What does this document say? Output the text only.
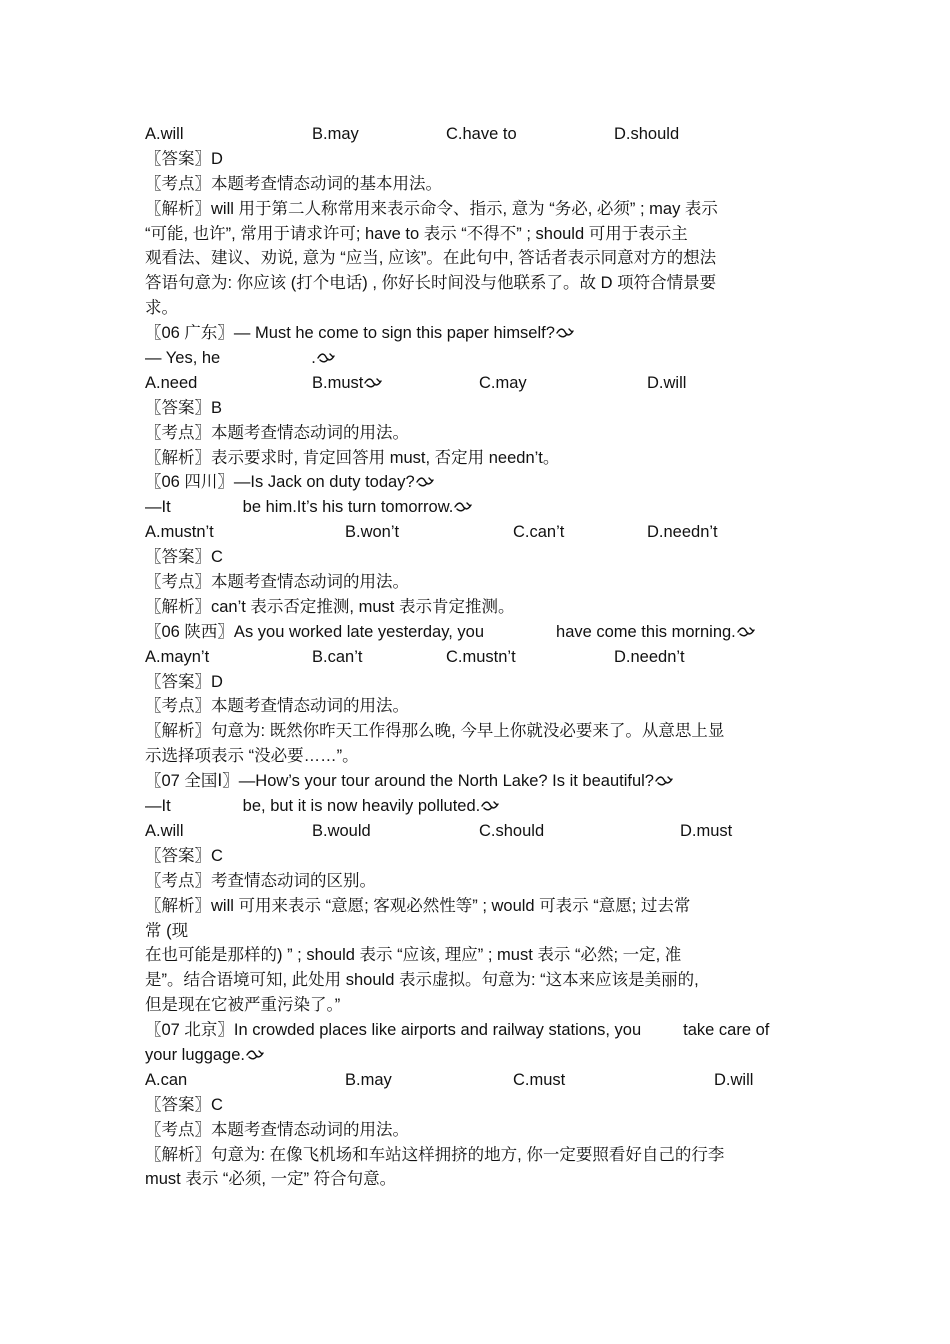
A.will	B.may	C.have to	D.should
〖答案〗D
〖考点〗本题考查情态动词的基本用法。
〖解析〗will 用于第二人称常用来表示命令、指示, 意为 “务必, 必须” ; may 表示
“可能, 也许”, 常用于请求许可; have to 表示 “不得不” ; should 可用于表示主
观看法、建议、劝说, 意为 “应当, 应该”。在此句中, 答话者表示同意对方的想法
答语句意为: 你应该 (打个电话) , 你好长时间没与他联系了。故 D 项符合情景要
求。
〖06 广东〗— Must he come to sign this paper himself?
— Yes, he	.
A.need	B.must	C.may	D.will
〖答案〗B
〖考点〗本题考查情态动词的用法。
〖解析〗表示要求时, 肯定回答用 must, 否定用 needn’t。
〖06 四川〗—Is Jack on duty today?
—It	be him.It’s his turn tomorrow.
A.mustn’t	B.won’t	C.can’t	D.needn’t
〖答案〗C
〖考点〗本题考查情态动词的用法。
〖解析〗can’t 表示否定推测, must 表示肯定推测。
〖06 陕西〗As you worked late yesterday, you	have come this morning.
A.mayn’t	B.can’t	C.mustn’t	D.needn’t
〖答案〗D
〖考点〗本题考查情态动词的用法。
〖解析〗句意为: 既然你昨天工作得那么晚, 今早上你就没必要来了。从意思上显
示选择项表示 “没必要……”。
〖07 全国Ⅰ〗—How’s your tour around the North Lake? Is it beautiful?
—It	be, but it is now heavily polluted.
A.will	B.would	C.should	D.must
〖答案〗C
〖考点〗考查情态动词的区别。
〖解析〗will 可用来表示 “意愿; 客观必然性等” ; would 可表示 “意愿; 过去常
常 (现
在也可能是那样的) ” ; should 表示 “应该, 理应” ; must 表示 “必然; 一定, 准
是”。结合语境可知, 此处用 should 表示虚拟。句意为: “这本来应该是美丽的,
但是现在它被严重污染了。”
〖07 北京〗In crowded places like airports and railway stations, you	take care of
your luggage.
A.can	B.may	C.must	D.will
〖答案〗C
〖考点〗本题考查情态动词的用法。
〖解析〗句意为: 在像飞机场和车站这样拥挤的地方, 你一定要照看好自己的行李
must 表示 “必须, 一定” 符合句意。
